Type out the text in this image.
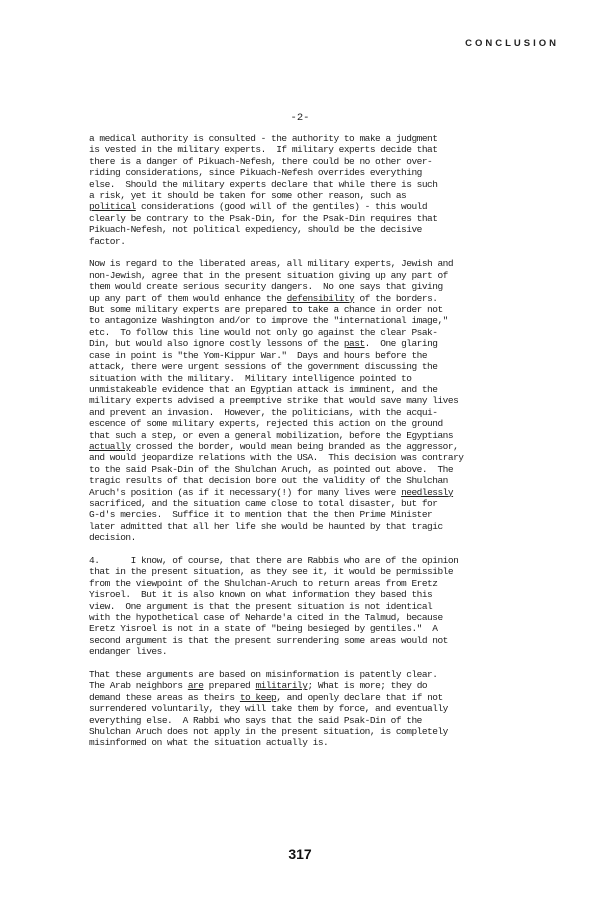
CONCLUSION
-2-
a medical authority is consulted - the authority to make a judgment
is vested in the military experts.  If military experts decide that
there is a danger of Pikuach-Nefesh, there could be no other over-
riding considerations, since Pikuach-Nefesh overrides everything
else.  Should the military experts declare that while there is such
a risk, yet it should be taken for some other reason, such as
political considerations (good will of the gentiles) - this would
clearly be contrary to the Psak-Din, for the Psak-Din requires that
Pikuach-Nefesh, not political expediency, should be the decisive
factor.
Now is regard to the liberated areas, all military experts, Jewish and
non-Jewish, agree that in the present situation giving up any part of
them would create serious security dangers.  No one says that giving
up any part of them would enhance the defensibility of the borders.
But some military experts are prepared to take a chance in order not
to antagonize Washington and/or to improve the "international image,"
etc.  To follow this line would not only go against the clear Psak-
Din, but would also ignore costly lessons of the past.  One glaring
case in point is "the Yom-Kippur War."  Days and hours before the
attack, there were urgent sessions of the government discussing the
situation with the military.  Military intelligence pointed to
unmistakeable evidence that an Egyptian attack is imminent, and the
military experts advised a preemptive strike that would save many lives
and prevent an invasion.  However, the politicians, with the acqui-
escence of some military experts, rejected this action on the ground
that such a step, or even a general mobilization, before the Egyptians
actually crossed the border, would mean being branded as the aggressor,
and would jeopardize relations with the USA.  This decision was contrary
to the said Psak-Din of the Shulchan Aruch, as pointed out above.  The
tragic results of that decision bore out the validity of the Shulchan
Aruch's position (as if it necessary(!) for many lives were needlessly
sacrificed, and the situation came close to total disaster, but for
G-d's mercies.  Suffice it to mention that the then Prime Minister
later admitted that all her life she would be haunted by that tragic
decision.
4.      I know, of course, that there are Rabbis who are of the opinion
that in the present situation, as they see it, it would be permissible
from the viewpoint of the Shulchan-Aruch to return areas from Eretz
Yisroel.  But it is also known on what information they based this
view.  One argument is that the present situation is not identical
with the hypothetical case of Neharde'a cited in the Talmud, because
Eretz Yisroel is not in a state of "being besieged by gentiles."  A
second argument is that the present surrendering some areas would not
endanger lives.
That these arguments are based on misinformation is patently clear.
The Arab neighbors are prepared militarily; What is more; they do
demand these areas as theirs to keep, and openly declare that if not
surrendered voluntarily, they will take them by force, and eventually
everything else.  A Rabbi who says that the said Psak-Din of the
Shulchan Aruch does not apply in the present situation, is completely
misinformed on what the situation actually is.
317
